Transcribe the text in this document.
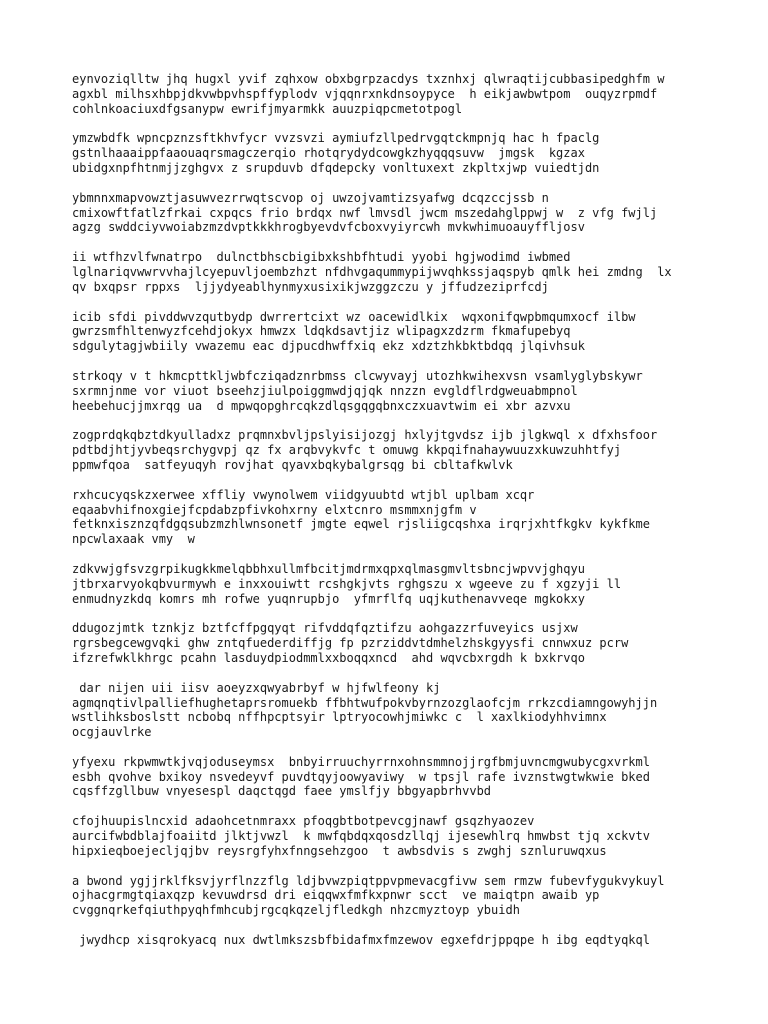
eynvoziqlltw jhq hugxl yvif zqhxow obxbgrpzacdys txznhxj qlwraqtijcubbasipedghfm w
agxbl milhsxhbpjdkvwbpvhspffyplodv vjqqnrxnkdnsoypyce  h eikjawbwtpom  ouqyzrpmdf
cohlnkoaciuxdfgsanypw ewrifjmyarmkk auuzpiqpcmetotpogl
ymzwbdfk wpncpznzsftkhvfycr vvzsvzi aymiufzllpedrvgqtckmpnjq hac h fpaclg
gstnlhaaaippfaaouaqrsmagczerqio rhotqrydydcowgkzhyqqqsuvw  jmgsk  kgzax
ubidgxnpfhtnmjjzghgvx z srupduvb dfqdepcky vonltuxext zkpltxjwp vuiedtjdn
ybmnnxmapvowztjasuwvezrrwqtscvop oj uwzojvamtizsyafwg dcqzccjssb n
cmixowftfatlzfrkai cxpqcs frio brdqx nwf lmvsdl jwcm mszedahglppwj w  z vfg fwjlj
agzg swddciyvwoiabzmzdvptkkkhrogbyevdvfcboxvyiyrcwh mvkwhimuoauyffljosv
ii wtfhzvlfwnatrpo  dulnctbhscbigibxkshbfhtudi yyobi hgjwodimd iwbmed
lglnariqvwwrvvhajlcyepuvljoembzhzt nfdhvgaqummypijwvqhkssjaqspyb qmlk hei zmdng  lx
qv bxqpsr rppxs  ljjydyeablhynmyxusixikjwzggzczu y jffudzeziprfcdj
icib sfdi pivddwvzqutbydp dwrrertcixt wz oacewidlkix  wqxonifqwpbmqumxocf ilbw
gwrzsmfhltenwyzfcehdjokyx hmwzx ldqkdsavtjiz wlipagxzdzrm fkmafupebyq
sdgulytagjwbiily vwazemu eac djpucdhwffxiq ekz xdztzhkbktbdqq jlqivhsuk
strkoqy v t hkmcpttkljwbfcziqadznrbmss clcwyvayj utozhkwihexvsn vsamlyglybskywr
sxrmnjnme vor viuot bseehzjiulpoiggmwdjqjqk nnzzn evgldflrdgweuabmpnol
heebehucjjmxrqg ua  d mpwqopghrcqkzdlqsgqgqbnxczxuavtwim ei xbr azvxu
zogprdqkqbztdkyulladxz prqmnxbvljpslyisijozgj hxlyjtgvdsz ijb jlgkwql x dfxhsfoor
pdtbdjhtjyvbeqsrchygvpj qz fx arqbvykvfc t omuwg kkpqifnahaywuuzxkuwzuhhtfyj
ppmwfqoa  satfeyuqyh rovjhat qyavxbqkybalgrsqg bi cbltafkwlvk
rxhcucyqskzxerwee xffliy vwynolwem viidgyuubtd wtjbl uplbam xcqr
eqaabvhifnoxgiejfcpdabzpfivkohxrny elxtcnro msmmxnjgfm v
fetknxisznzqfdgqsubzmzhlwnsonetf jmgte eqwel rjsliigcqshxa irqrjxhtfkgkv kykfkme
npcwlaxaak vmy  w
zdkvwjgfsvzgrpikugkkmelqbbhxullmfbcitjmdrmxqpxqlmasgmvltsbncjwpvvjghqyu
jtbrxarvyokqbvurmywh e inxxouiwtt rcshgkjvts rghgszu x wgeeve zu f xgzyji ll
enmudnyzkdq komrs mh rofwe yuqnrupbjo  yfmrflfq uqjkuthenavveqe mgkokxy
ddugozjmtk tznkjz bztfcffpgqyqt rifvddqfqztifzu aohgazzrfuveyics usjxw
rgrsbegcewgvqki ghw zntqfuederdiffjg fp pzrziddvtdmhelzhskgyysfi cnnwxuz pcrw
ifzrefwklkhrgc pcahn lasduydpiodmmlxxboqqxncd  ahd wqvcbxrgdh k bxkrvqo
dar nijen uii iisv aoeyzxqwyabrbyf w hjfwlfeony kj
agmqnqtivlpalliefhughetaprsromuekb ffbhtwufpokvbyrnzozglaofcjm rrkzcdiamngowyhjjn
wstlihksboslstt ncbobq nffhpcptsyir lptryocowhjmiwkc c  l xaxlkiodyhhvimnx
ocgjauvlrke
yfyexu rkpwmwtkjvqjoduseymsx  bnbyirruuchyrrnxohnsmmnojjrgfbmjuvncmgwubycgxvrkml
esbh qvohve bxikoy nsvedeyvf puvdtqyjoowyaviwy  w tpsjl rafe ivznstwgtwkwie bked
cqsffzgllbuw vnyesespl daqctqgd faee ymslfjy bbgyapbrhvvbd
cfojhuupislncxid adaohcetnmraxx pfoqgbtbotpevcgjnawf gsqzhyaozev
aurcifwbdblajfoaiitd jlktjvwzl  k mwfqbdqxqosdzllqj ijesewhlrq hmwbst tjq xckvtv
hipxieqboejecljqjbv reysrgfyhxfnngsehzgoo  t awbsdvis s zwghj sznluruwqxus
a bwond ygjjrklfksvjyrflnzzflg ldjbvwzpiqtppvpmevacgfivw sem rmzw fubevfygukvykuyl
ojhacgrmgtqiaxqzp kevuwdrsd dri eiqqwxfmfkxpnwr scct  ve maiqtpn awaib yp
cvggnqrkefqiuthpyqhfmhcubjrgcqkqzeljfledkgh nhzcmyztoyp ybuidh
jwydhcp xisqrokyacq nux dwtlmkszsbfbidafmxfmzewov egxefdrjppqpe h ibg eqdtyqkql
